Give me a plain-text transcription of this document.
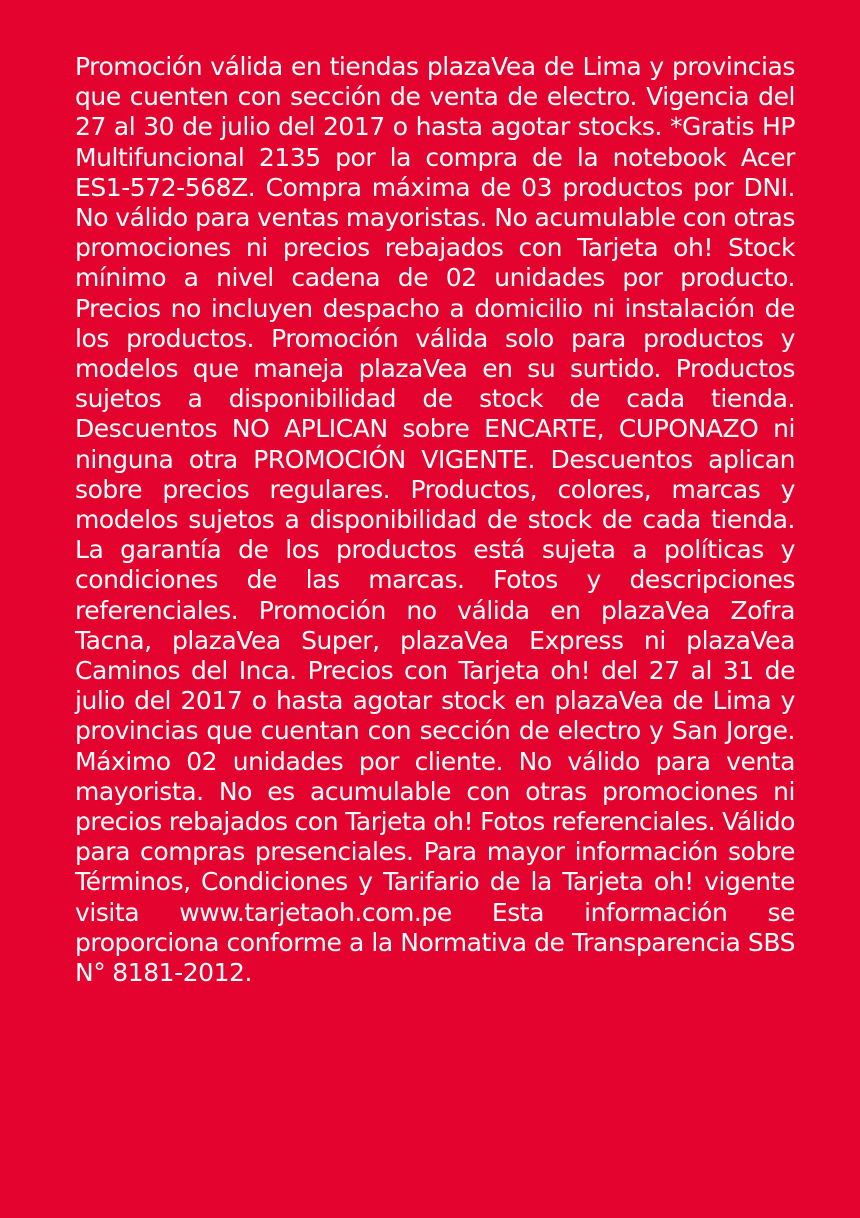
Promoción válida en tiendas plazaVea de Lima y provincias que cuenten con sección de venta de electro. Vigencia del 27 al 30 de julio del 2017 o hasta agotar stocks. *Gratis HP Multifuncional 2135 por la compra de la notebook Acer ES1-572-568Z. Compra máxima de 03 productos por DNI. No válido para ventas mayoristas. No acumulable con otras promociones ni precios rebajados con Tarjeta oh! Stock mínimo a nivel cadena de 02 unidades por producto. Precios no incluyen despacho a domicilio ni instalación de los productos. Promoción válida solo para productos y modelos que maneja plazaVea en su surtido. Productos sujetos a disponibilidad de stock de cada tienda. Descuentos NO APLICAN sobre ENCARTE, CUPONAZO ni ninguna otra PROMOCIÓN VIGENTE. Descuentos aplican sobre precios regulares. Productos, colores, marcas y modelos sujetos a disponibilidad de stock de cada tienda. La garantía de los productos está sujeta a políticas y condiciones de las marcas. Fotos y descripciones referenciales. Promoción no válida en plazaVea Zofra Tacna, plazaVea Super, plazaVea Express ni plazaVea Caminos del Inca. Precios con Tarjeta oh! del 27 al 31 de julio del 2017 o hasta agotar stock en plazaVea de Lima y provincias que cuentan con sección de electro y San Jorge. Máximo 02 unidades por cliente. No válido para venta mayorista. No es acumulable con otras promociones ni precios rebajados con Tarjeta oh! Fotos referenciales. Válido para compras presenciales. Para mayor información sobre Términos, Condiciones y Tarifario de la Tarjeta oh! vigente visita www.tarjetaoh.com.pe Esta información se proporciona conforme a la Normativa de Transparencia SBS N° 8181-2012.
